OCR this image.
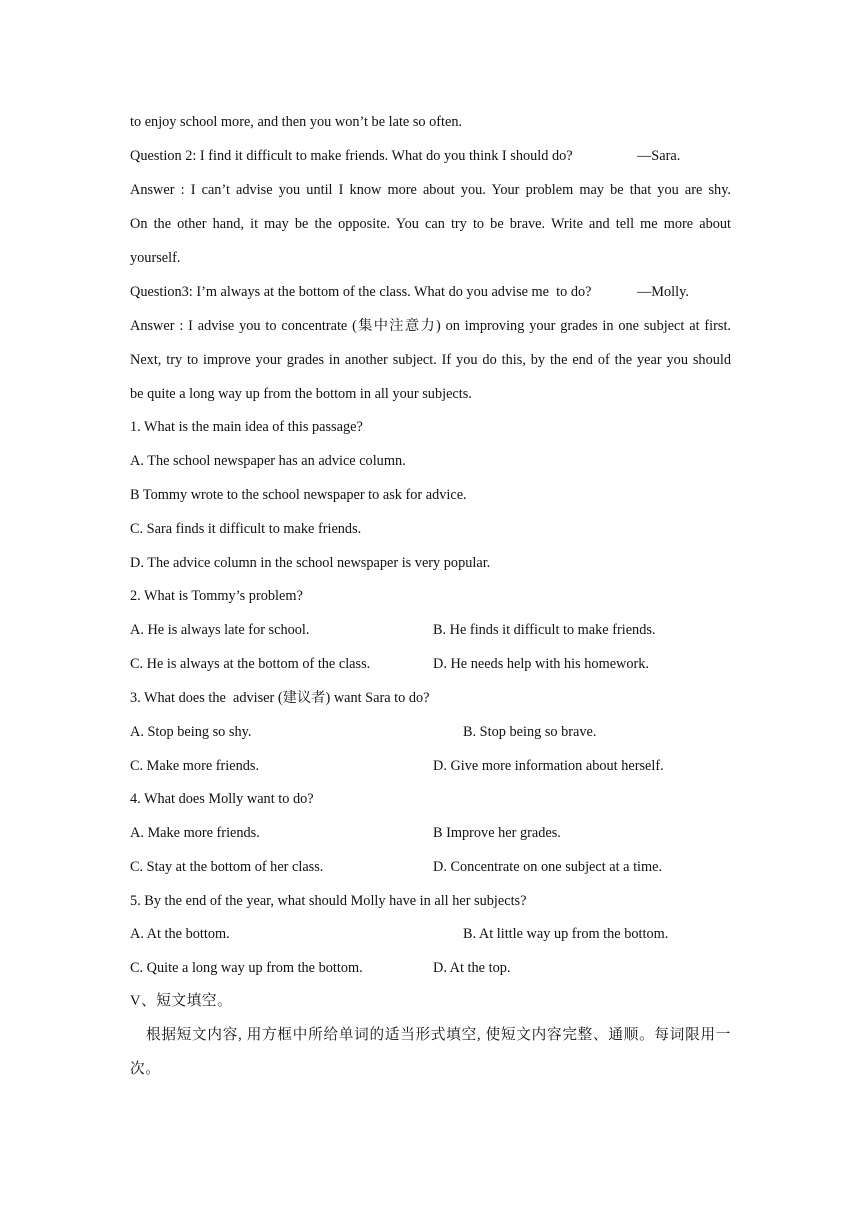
to enjoy school more, and then you won’t be late so often.
Question 2: I find it difficult to make friends. What do you think I should do?	—Sara.
Answer : I can’t advise you until I know more about you. Your problem may be that you are shy.
On the other hand, it may be the opposite. You can try to be brave. Write and tell me more about
yourself.
Question3: I’m always at the bottom of the class. What do you advise me  to do?	—Molly.
Answer : I advise you to concentrate (集中注意力) on improving your grades in one subject at first.
Next, try to improve your grades in another subject. If you do this, by the end of the year you should
be quite a long way up from the bottom in all your subjects.
1. What is the main idea of this passage?
A. The school newspaper has an advice column.
B Tommy wrote to the school newspaper to ask for advice.
C. Sara finds it difficult to make friends.
D. The advice column in the school newspaper is very popular.
2. What is Tommy’s problem?
A. He is always late for school.	B. He finds it difficult to make friends.
C. He is always at the bottom of the class.	D. He needs help with his homework.
3. What does the  adviser (建议者) want Sara to do?
A. Stop being so shy.	B. Stop being so brave.
C. Make more friends.	D. Give more information about herself.
4. What does Molly want to do?
A. Make more friends.	B Improve her grades.
C. Stay at the bottom of her class.	D. Concentrate on one subject at a time.
5. By the end of the year, what should Molly have in all her subjects?
A. At the bottom.	B. At little way up from the bottom.
C. Quite a long way up from the bottom.	D. At the top.
V、短文填空。
根据短文内容, 用方框中所给单词的适当形式填空, 使短文内容完整、通顺。每词限用一
次。
